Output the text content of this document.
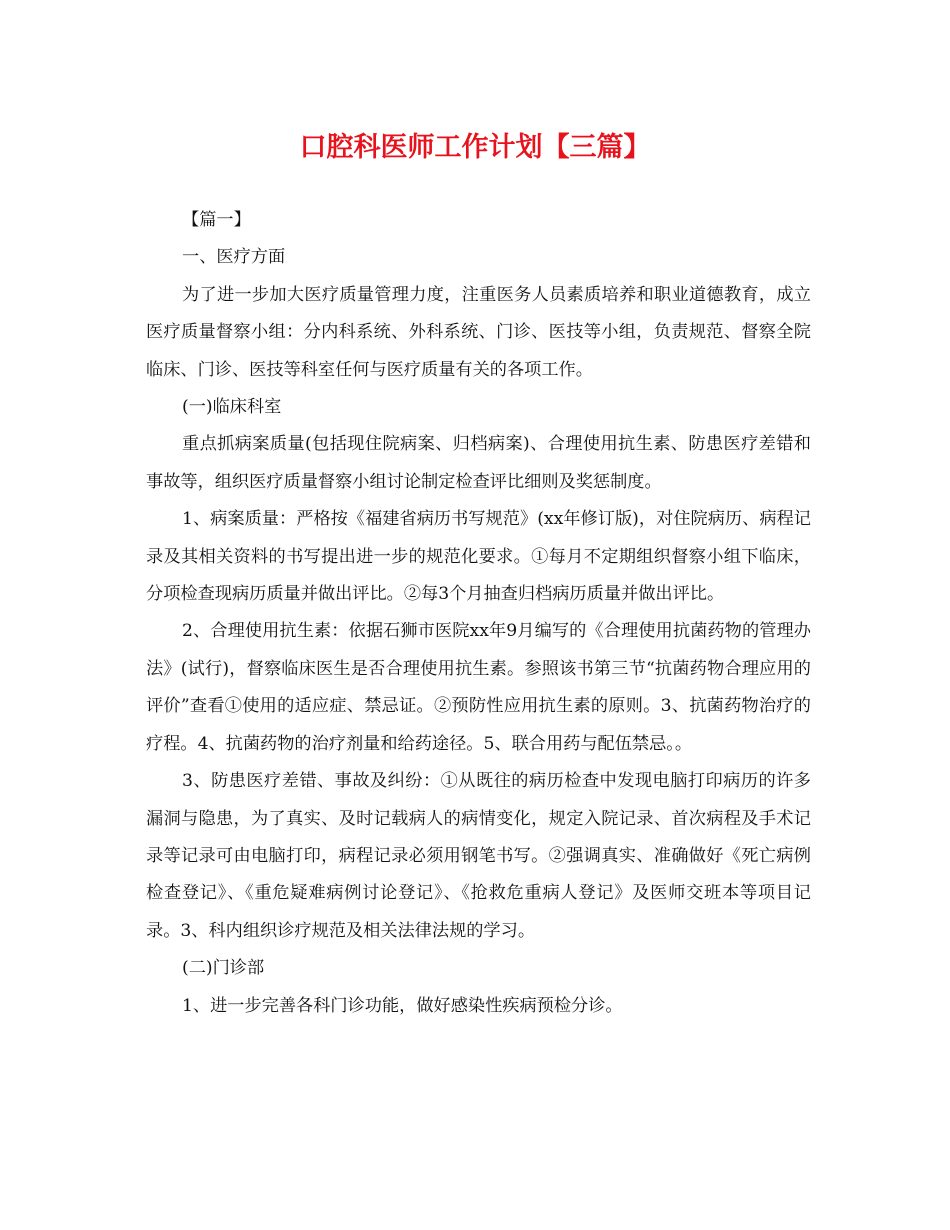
口腔科医师工作计划【三篇】

【篇一】

一、医疗方面

为了进一步加大医疗质量管理力度，注重医务人员素质培养和职业道德教育，成立医疗质量督察小组：分内科系统、外科系统、门诊、医技等小组，负责规范、督察全院临床、门诊、医技等科室任何与医疗质量有关的各项工作。

(一)临床科室

重点抓病案质量(包括现住院病案、归档病案)、合理使用抗生素、防患医疗差错和事故等，组织医疗质量督察小组讨论制定检查评比细则及奖惩制度。

1、病案质量：严格按《福建省病历书写规范》(xx年修订版)，对住院病历、病程记录及其相关资料的书写提出进一步的规范化要求。①每月不定期组织督察小组下临床，分项检查现病历质量并做出评比。②每3个月抽查归档病历质量并做出评比。

2、合理使用抗生素：依据石狮市医院xx年9月编写的《合理使用抗菌药物的管理办法》(试行)，督察临床医生是否合理使用抗生素。参照该书第三节“抗菌药物合理应用的评价”查看①使用的适应症、禁忌证。②预防性应用抗生素的原则。3、抗菌药物治疗的疗程。4、抗菌药物的治疗剂量和给药途径。5、联合用药与配伍禁忌。。

3、防患医疗差错、事故及纠纷：①从既往的病历检查中发现电脑打印病历的许多漏洞与隐患，为了真实、及时记载病人的病情变化，规定入院记录、首次病程及手术记录等记录可由电脑打印，病程记录必须用钢笔书写。②强调真实、准确做好《死亡病例检查登记》、《重危疑难病例讨论登记》、《抢救危重病人登记》及医师交班本等项目记录。3、科内组织诊疗规范及相关法律法规的学习。

(二)门诊部

1、进一步完善各科门诊功能，做好感染性疾病预检分诊。
